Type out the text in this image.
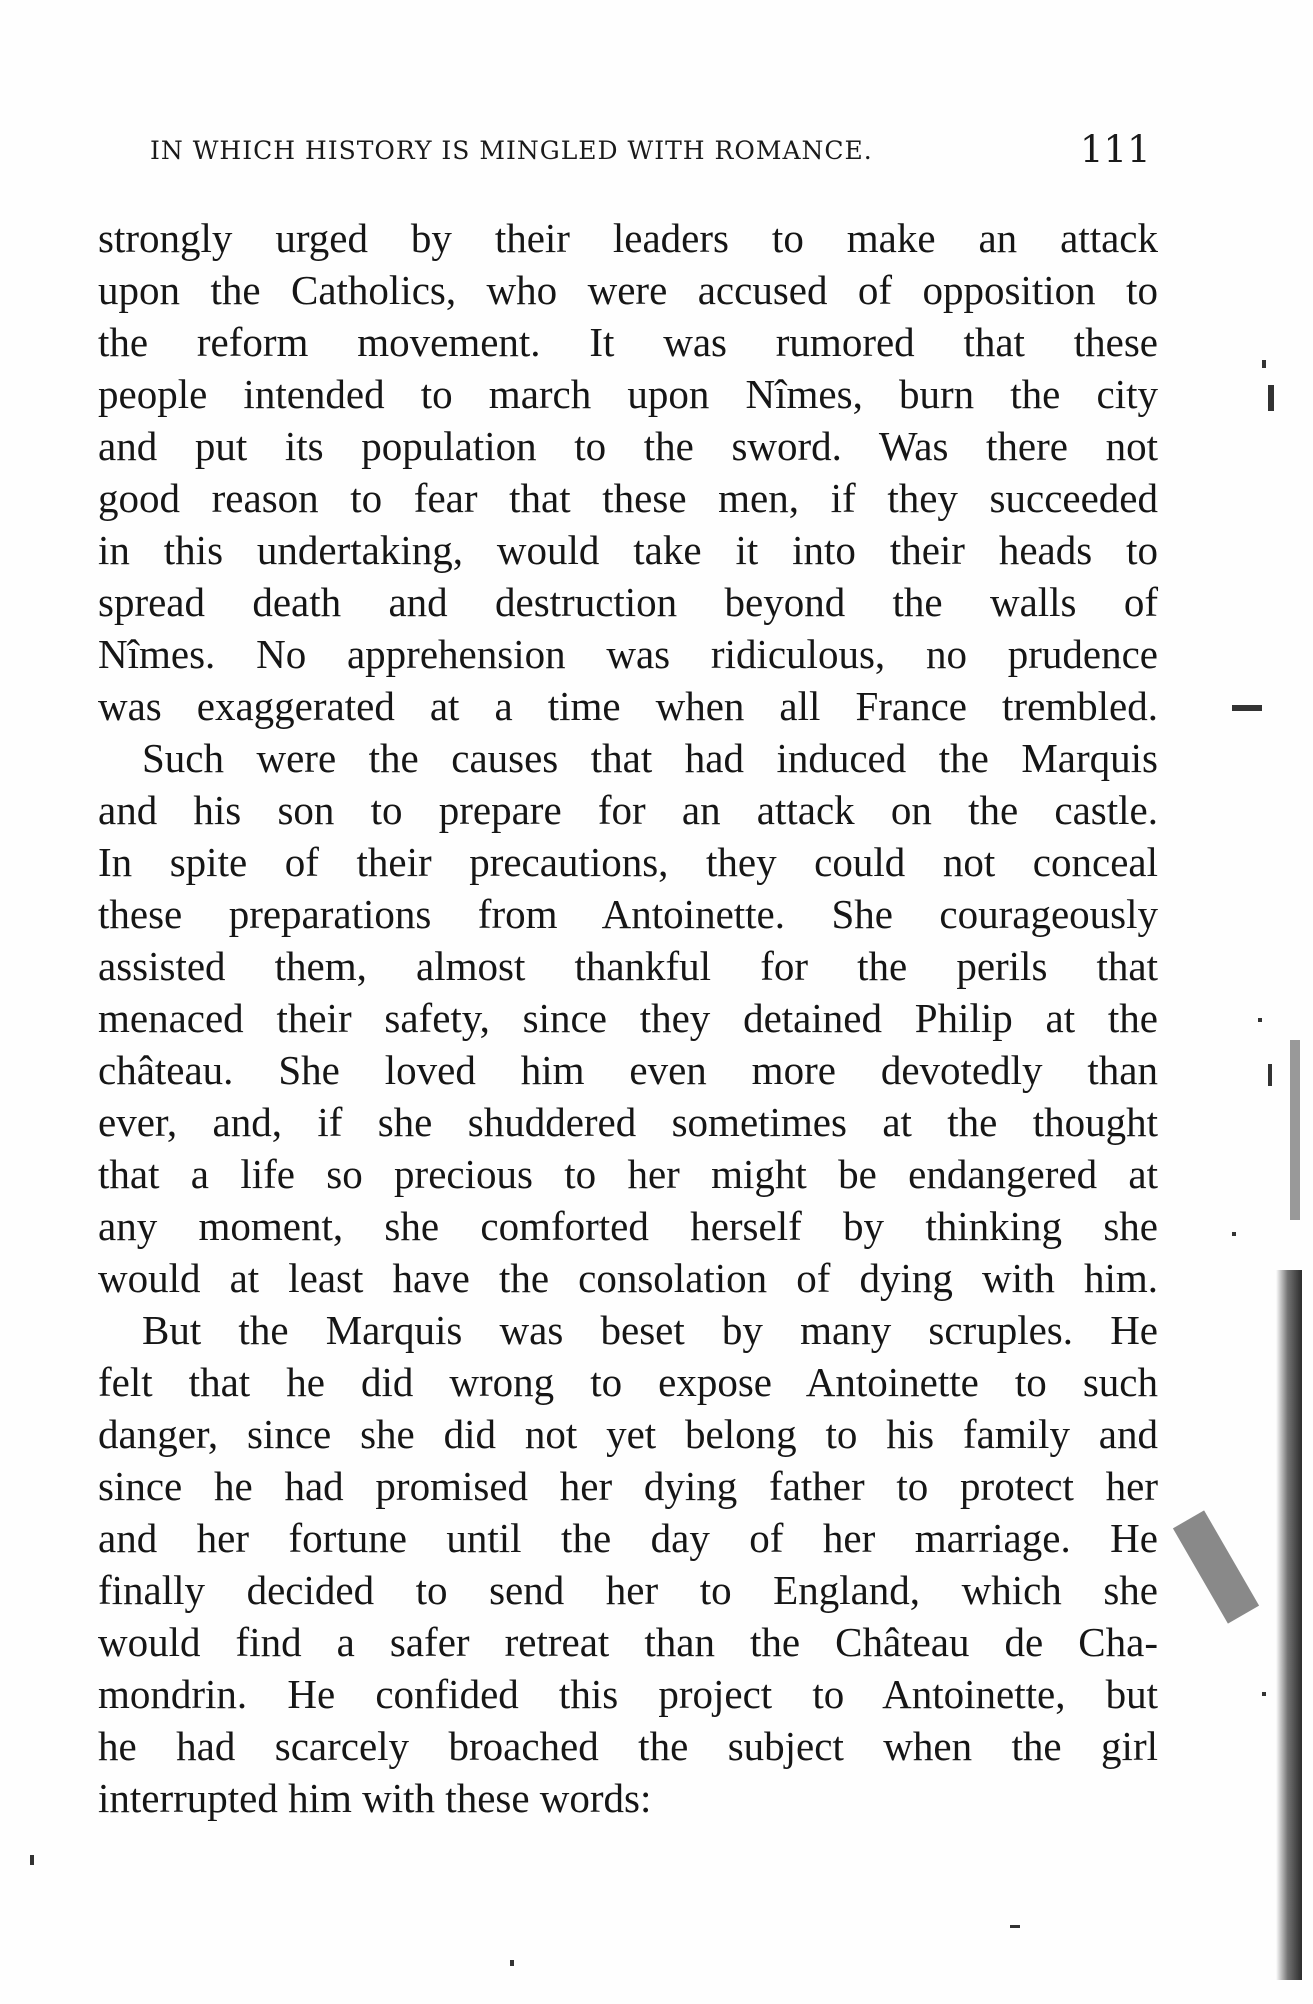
IN WHICH HISTORY IS MINGLED WITH ROMANCE.	111
strongly urged by their leaders to make an attack
upon the Catholics, who were accused of opposition to
the reform movement. It was rumored that these
people intended to march upon Nîmes, burn the city
and put its population to the sword. Was there not
good reason to fear that these men, if they succeeded
in this undertaking, would take it into their heads to
spread death and destruction beyond the walls of
Nîmes. No apprehension was ridiculous, no prudence
was exaggerated at a time when all France trembled.
Such were the causes that had induced the Marquis
and his son to prepare for an attack on the castle.
In spite of their precautions, they could not conceal
these preparations from Antoinette. She courageously
assisted them, almost thankful for the perils that
menaced their safety, since they detained Philip at the
château. She loved him even more devotedly than
ever, and, if she shuddered sometimes at the thought
that a life so precious to her might be endangered at
any moment, she comforted herself by thinking she
would at least have the consolation of dying with him.
But the Marquis was beset by many scruples. He
felt that he did wrong to expose Antoinette to such
danger, since she did not yet belong to his family and
since he had promised her dying father to protect her
and her fortune until the day of her marriage. He
finally decided to send her to England, which she
would find a safer retreat than the Château de Cha-
mondrin. He confided this project to Antoinette, but
he had scarcely broached the subject when the girl
interrupted him with these words:
